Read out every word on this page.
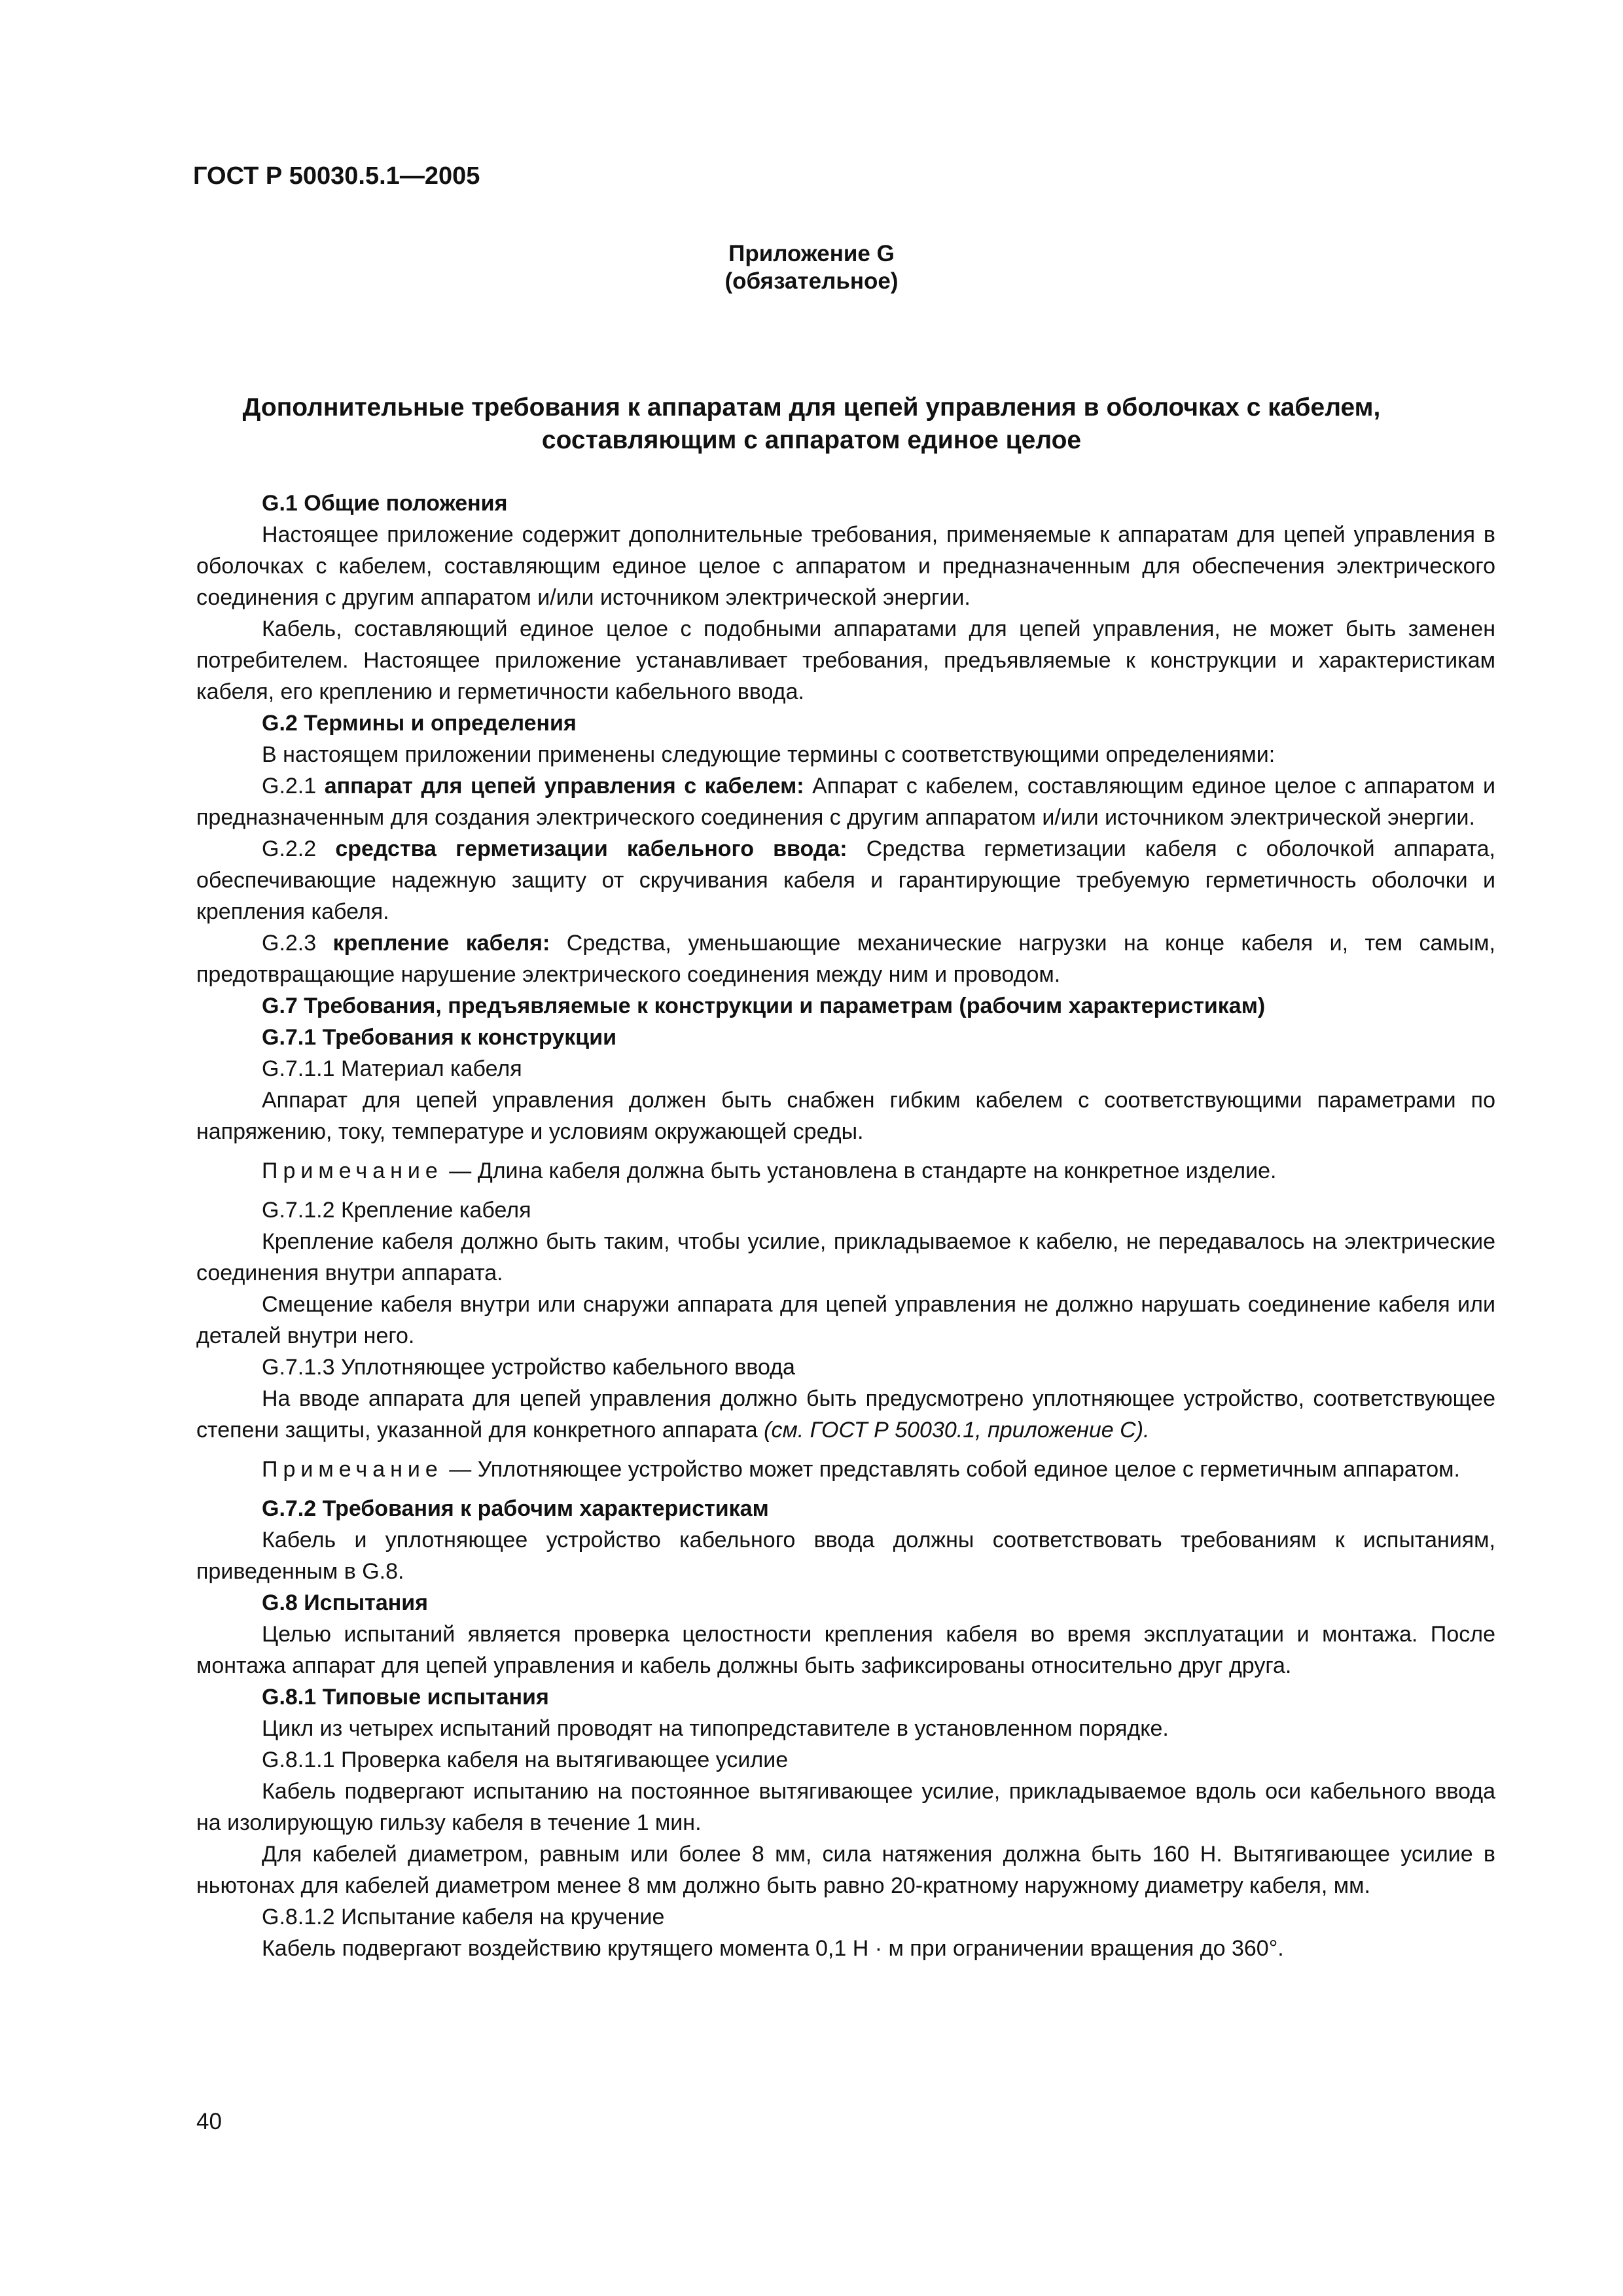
ГОСТ Р 50030.5.1—2005
Приложение G
(обязательное)
Дополнительные требования к аппаратам для цепей управления в оболочках с кабелем,
составляющим с аппаратом единое целое

G.1 Общие положения

Настоящее приложение содержит дополнительные требования, применяемые к аппаратам для цепей управления в оболочках с кабелем, составляющим единое целое с аппаратом и предназначенным для обеспечения электрического соединения с другим аппаратом и/или источником электрической энергии.

Кабель, составляющий единое целое с подобными аппаратами для цепей управления, не может быть заменен потребителем. Настоящее приложение устанавливает требования, предъявляемые к конструкции и характеристикам кабеля, его креплению и герметичности кабельного ввода.

G.2 Термины и определения

В настоящем приложении применены следующие термины с соответствующими определениями:

G.2.1 аппарат для цепей управления с кабелем: Аппарат с кабелем, составляющим единое целое с аппаратом и предназначенным для создания электрического соединения с другим аппаратом и/или источником электрической энергии.

G.2.2 средства герметизации кабельного ввода: Средства герметизации кабеля с оболочкой аппарата, обеспечивающие надежную защиту от скручивания кабеля и гарантирующие требуемую герметичность оболочки и крепления кабеля.

G.2.3 крепление кабеля: Средства, уменьшающие механические нагрузки на конце кабеля и, тем самым, предотвращающие нарушение электрического соединения между ним и проводом.

G.7 Требования, предъявляемые к конструкции и параметрам (рабочим характеристикам)

G.7.1 Требования к конструкции

G.7.1.1 Материал кабеля

Аппарат для цепей управления должен быть снабжен гибким кабелем с соответствующими параметрами по напряжению, току, температуре и условиям окружающей среды.

Примечание — Длина кабеля должна быть установлена в стандарте на конкретное изделие.

G.7.1.2 Крепление кабеля

Крепление кабеля должно быть таким, чтобы усилие, прикладываемое к кабелю, не передавалось на электрические соединения внутри аппарата.

Смещение кабеля внутри или снаружи аппарата для цепей управления не должно нарушать соединение кабеля или деталей внутри него.

G.7.1.3 Уплотняющее устройство кабельного ввода

На вводе аппарата для цепей управления должно быть предусмотрено уплотняющее устройство, соответствующее степени защиты, указанной для конкретного аппарата (см. ГОСТ Р 50030.1, приложение С).

Примечание — Уплотняющее устройство может представлять собой единое целое с герметичным аппаратом.

G.7.2 Требования к рабочим характеристикам

Кабель и уплотняющее устройство кабельного ввода должны соответствовать требованиям к испытаниям, приведенным в G.8.

G.8 Испытания

Целью испытаний является проверка целостности крепления кабеля во время эксплуатации и монтажа. После монтажа аппарат для цепей управления и кабель должны быть зафиксированы относительно друг друга.

G.8.1 Типовые испытания

Цикл из четырех испытаний проводят на типопредставителе в установленном порядке.

G.8.1.1 Проверка кабеля на вытягивающее усилие

Кабель подвергают испытанию на постоянное вытягивающее усилие, прикладываемое вдоль оси кабельного ввода на изолирующую гильзу кабеля в течение 1 мин.

Для кабелей диаметром, равным или более 8 мм, сила натяжения должна быть 160 Н. Вытягивающее усилие в ньютонах для кабелей диаметром менее 8 мм должно быть равно 20-кратному наружному диаметру кабеля, мм.

G.8.1.2 Испытание кабеля на кручение

Кабель подвергают воздействию крутящего момента 0,1 Н · м при ограничении вращения до 360°.

40
